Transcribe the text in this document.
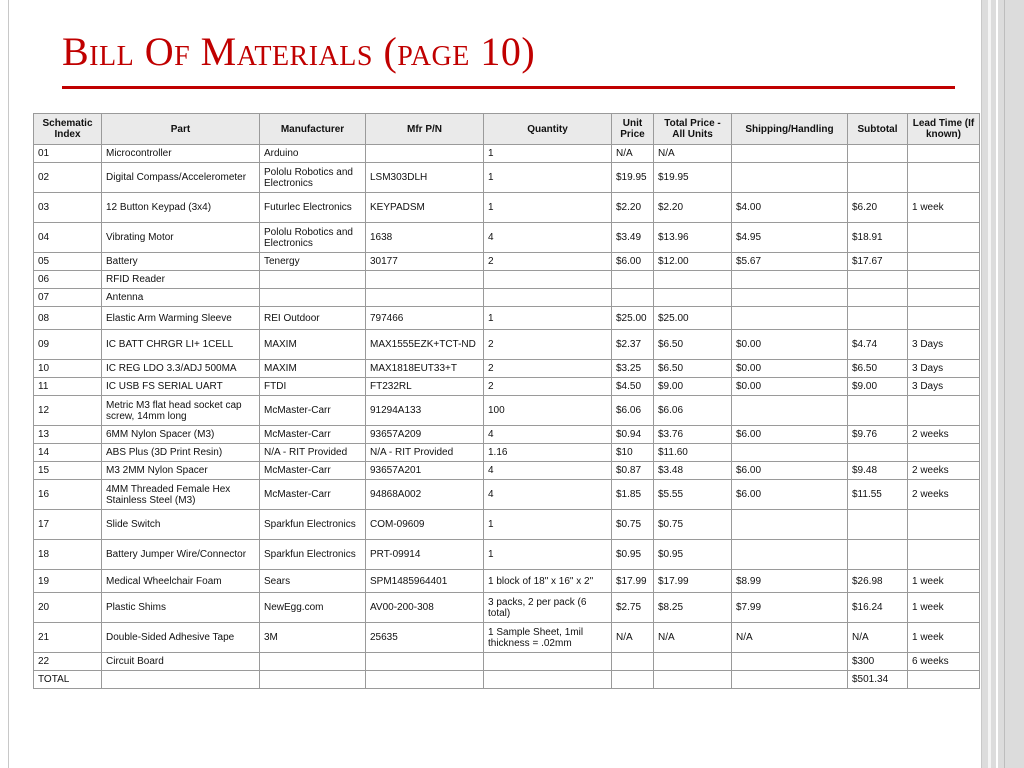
Bill Of Materials (page 10)
Schematic Index	Part	Manufacturer	Mfr P/N	Quantity	Unit Price	Total Price - All Units	Shipping/Handling	Subtotal	Lead Time (If known)
01	Microcontroller	Arduino		1	N/A	N/A			
02	Digital Compass/Accelerometer	Pololu Robotics and Electronics	LSM303DLH	1	$19.95	$19.95			
03	12 Button Keypad (3x4)	Futurlec Electronics	KEYPADSM	1	$2.20	$2.20	$4.00	$6.20	1 week
04	Vibrating Motor	Pololu Robotics and Electronics	1638	4	$3.49	$13.96	$4.95	$18.91	
05	Battery	Tenergy	30177	2	$6.00	$12.00	$5.67	$17.67	
06	RFID Reader								
07	Antenna								
08	Elastic Arm Warming Sleeve	REI Outdoor	797466	1	$25.00	$25.00			
09	IC BATT CHRGR LI+ 1CELL	MAXIM	MAX1555EZK+TCT-ND	2	$2.37	$6.50	$0.00	$4.74	3 Days
10	IC REG LDO 3.3/ADJ 500MA	MAXIM	MAX1818EUT33+T	2	$3.25	$6.50	$0.00	$6.50	3 Days
11	IC USB FS SERIAL UART	FTDI	FT232RL	2	$4.50	$9.00	$0.00	$9.00	3 Days
12	Metric M3 flat head socket cap screw, 14mm long	McMaster-Carr	91294A133	100	$6.06	$6.06			
13	6MM Nylon Spacer (M3)	McMaster-Carr	93657A209	4	$0.94	$3.76	$6.00	$9.76	2 weeks
14	ABS Plus (3D Print Resin)	N/A - RIT Provided	N/A - RIT Provided	1.16	$10	$11.60			
15	M3 2MM Nylon Spacer	McMaster-Carr	93657A201	4	$0.87	$3.48	$6.00	$9.48	2 weeks
16	4MM Threaded Female Hex Stainless Steel (M3)	McMaster-Carr	94868A002	4	$1.85	$5.55	$6.00	$11.55	2 weeks
17	Slide Switch	Sparkfun Electronics	COM-09609	1	$0.75	$0.75			
18	Battery Jumper Wire/Connector	Sparkfun Electronics	PRT-09914	1	$0.95	$0.95			
19	Medical Wheelchair Foam	Sears	SPM1485964401	1 block of 18" x 16" x 2"	$17.99	$17.99	$8.99	$26.98	1 week
20	Plastic Shims	NewEgg.com	AV00-200-308	3 packs, 2 per pack (6 total)	$2.75	$8.25	$7.99	$16.24	1 week
21	Double-Sided Adhesive Tape	3M	25635	1 Sample Sheet, 1mil thickness = .02mm	N/A	N/A	N/A	N/A	1 week
22	Circuit Board							$300	6 weeks
TOTAL								$501.34	
